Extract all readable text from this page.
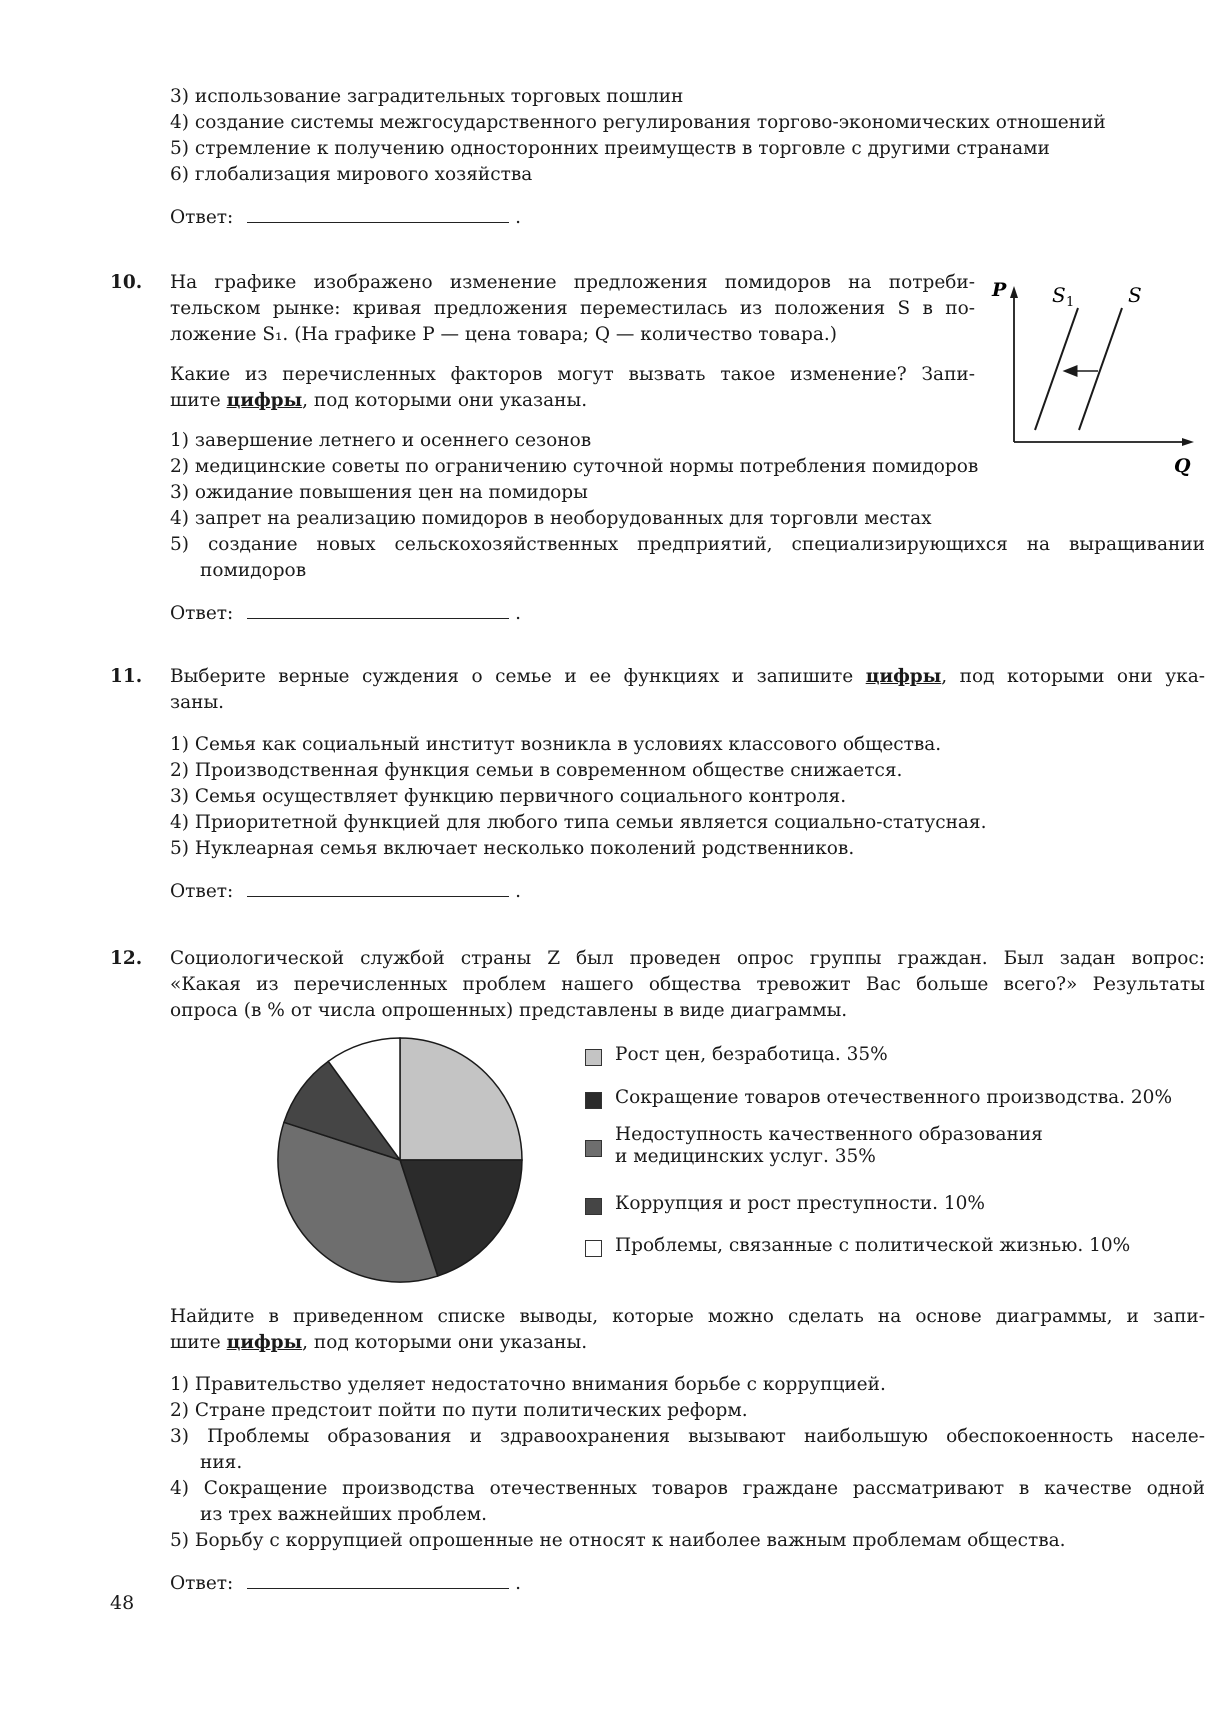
3) использование заградительных торговых пошлин
4) создание системы межгосударственного регулирования торгово-экономических отношений
5) стремление к получению односторонних преимуществ в торговле с другими странами
6) глобализация мирового хозяйства
Ответ:	.
10. На графике изображено изменение предложения помидоров на потреби-
тельском рынке: кривая предложения переместилась из положения S в по-
ложение S₁. (На графике P — цена товара; Q — количество товара.)
Какие из перечисленных факторов могут вызвать такое изменение? Запи-
шите цифры, под которыми они указаны.
P
Q
S 1	S
1) завершение летнего и осеннего сезонов
2) медицинские советы по ограничению суточной нормы потребления помидоров
3) ожидание повышения цен на помидоры
4) запрет на реализацию помидоров в необорудованных для торговли местах
5) создание новых сельскохозяйственных предприятий, специализирующихся на выращивании
помидоров
Ответ:	.
11. Выберите верные суждения о семье и ее функциях и запишите цифры, под которыми они ука-
заны.
1) Семья как социальный институт возникла в условиях классового общества.
2) Производственная функция семьи в современном обществе снижается.
3) Семья осуществляет функцию первичного социального контроля.
4) Приоритетной функцией для любого типа семьи является социально-статусная.
5) Нуклеарная семья включает несколько поколений родственников.
Ответ:	.
12. Социологической службой страны Z был проведен опрос группы граждан. Был задан вопрос:
«Какая из перечисленных проблем нашего общества тревожит Вас больше всего?» Результаты
опроса (в % от числа опрошенных) представлены в виде диаграммы.
Рост цен, безработица. 35%
Сокращение товаров отечественного производства. 20%
Недоступность качественного образования
и медицинских услуг. 35%
Коррупция и рост преступности. 10%
Проблемы, связанные с политической жизнью. 10%
Найдите в приведенном списке выводы, которые можно сделать на основе диаграммы, и запи-
шите цифры, под которыми они указаны.
1) Правительство уделяет недостаточно внимания борьбе с коррупцией.
2) Стране предстоит пойти по пути политических реформ.
3) Проблемы образования и здравоохранения вызывают наибольшую обеспокоенность населе-
ния.
4) Сокращение производства отечественных товаров граждане рассматривают в качестве одной
из трех важнейших проблем.
5) Борьбу с коррупцией опрошенные не относят к наиболее важным проблемам общества.
Ответ:	.
48
